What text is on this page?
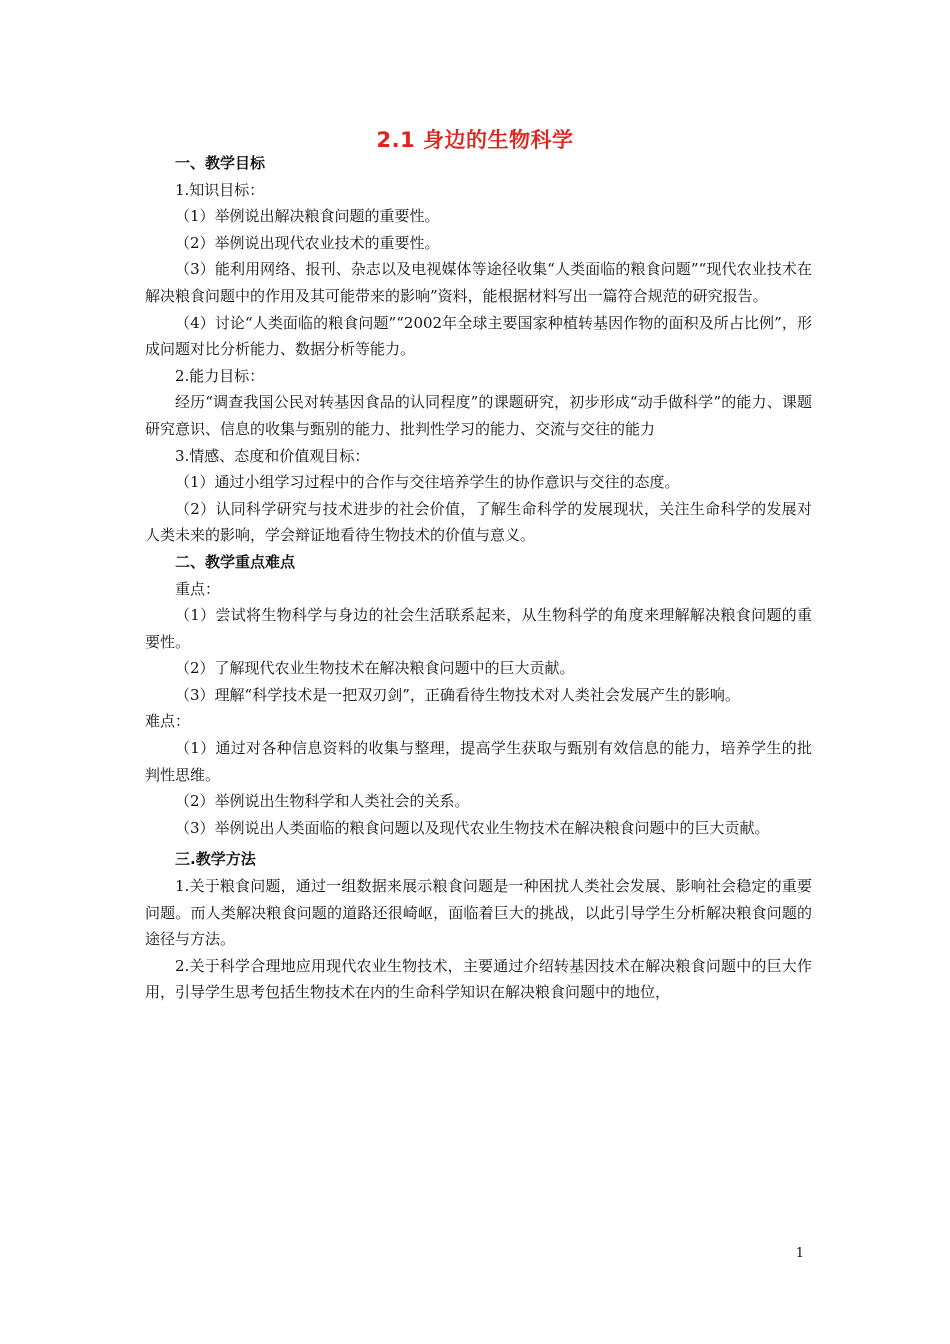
2.1 身边的生物科学

一、教学目标

1.知识目标：

（1）举例说出解决粮食问题的重要性。

（2）举例说出现代农业技术的重要性。

（3）能利用网络、报刊、杂志以及电视媒体等途径收集“人类面临的粮食问题”“现代农业技术在解决粮食问题中的作用及其可能带来的影响”资料，能根据材料写出一篇符合规范的研究报告。

（4）讨论“人类面临的粮食问题”“2002年全球主要国家种植转基因作物的面积及所占比例”，形成问题对比分析能力、数据分析等能力。

2.能力目标：

经历“调查我国公民对转基因食品的认同程度”的课题研究，初步形成“动手做科学”的能力、课题研究意识、信息的收集与甄别的能力、批判性学习的能力、交流与交往的能力

3.情感、态度和价值观目标：

（1）通过小组学习过程中的合作与交往培养学生的协作意识与交往的态度。

（2）认同科学研究与技术进步的社会价值，了解生命科学的发展现状，关注生命科学的发展对人类未来的影响，学会辩证地看待生物技术的价值与意义。

二、教学重点难点

重点：

（1）尝试将生物科学与身边的社会生活联系起来，从生物科学的角度来理解解决粮食问题的重要性。

（2）了解现代农业生物技术在解决粮食问题中的巨大贡献。

（3）理解“科学技术是一把双刃剑”，正确看待生物技术对人类社会发展产生的影响。

难点：

（1）通过对各种信息资料的收集与整理，提高学生获取与甄别有效信息的能力，培养学生的批判性思维。

（2）举例说出生物科学和人类社会的关系。

（3）举例说出人类面临的粮食问题以及现代农业生物技术在解决粮食问题中的巨大贡献。

三.教学方法

1.关于粮食问题，通过一组数据来展示粮食问题是一种困扰人类社会发展、影响社会稳定的重要问题。而人类解决粮食问题的道路还很崎岖，面临着巨大的挑战，以此引导学生分析解决粮食问题的途径与方法。

2.关于科学合理地应用现代农业生物技术，主要通过介绍转基因技术在解决粮食问题中的巨大作用，引导学生思考包括生物技术在内的生命科学知识在解决粮食问题中的地位，

1
